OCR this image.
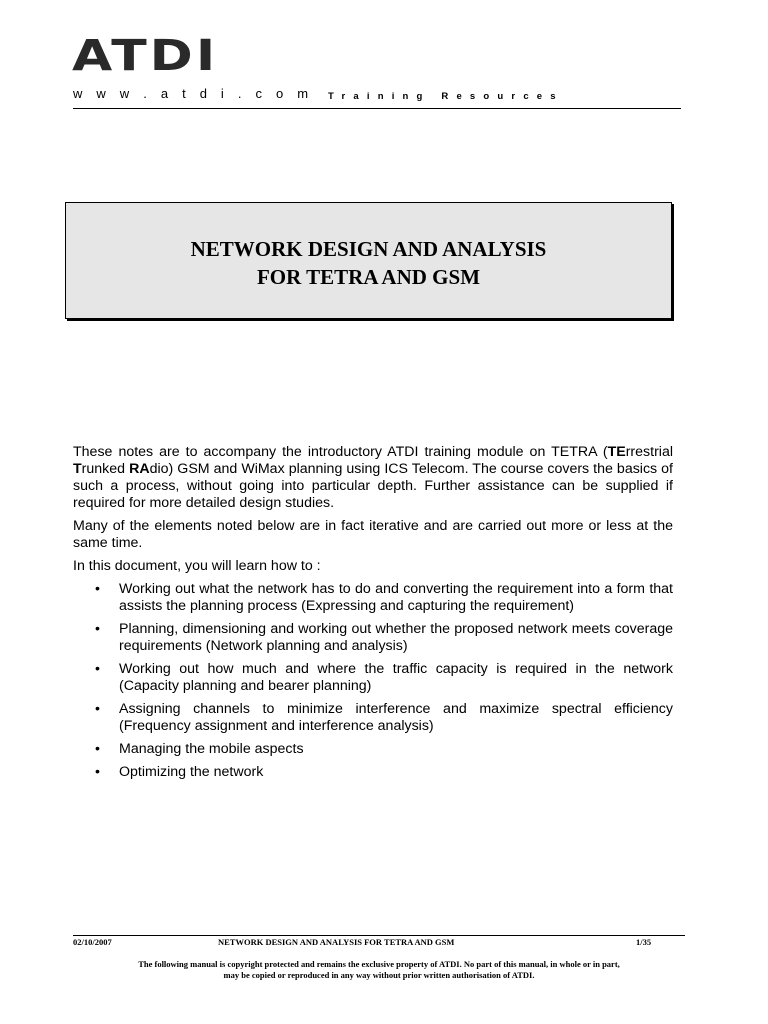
ATDI
w w w . a t d i . c o m Training Resources
NETWORK DESIGN AND ANALYSIS
FOR TETRA AND GSM

These notes are to accompany the introductory ATDI training module on TETRA (TErrestrial Trunked RAdio) GSM and WiMax planning using ICS Telecom. The course covers the basics of such a process, without going into particular depth. Further assistance can be supplied if required for more detailed design studies.

Many of the elements noted below are in fact iterative and are carried out more or less at the same time.

In this document, you will learn how to :

• Working out what the network has to do and converting the requirement into a form that assists the planning process (Expressing and capturing the requirement)
• Planning, dimensioning and working out whether the proposed network meets coverage requirements (Network planning and analysis)
• Working out how much and where the traffic capacity is required in the network (Capacity planning and bearer planning)
• Assigning channels to minimize interference and maximize spectral efficiency (Frequency assignment and interference analysis)
• Managing the mobile aspects
• Optimizing the network
02/10/2007	NETWORK DESIGN AND ANALYSIS FOR TETRA AND GSM	1/35
The following manual is copyright protected and remains the exclusive property of ATDI. No part of this manual, in whole or in part,
may be copied or reproduced in any way without prior written authorisation of ATDI.
